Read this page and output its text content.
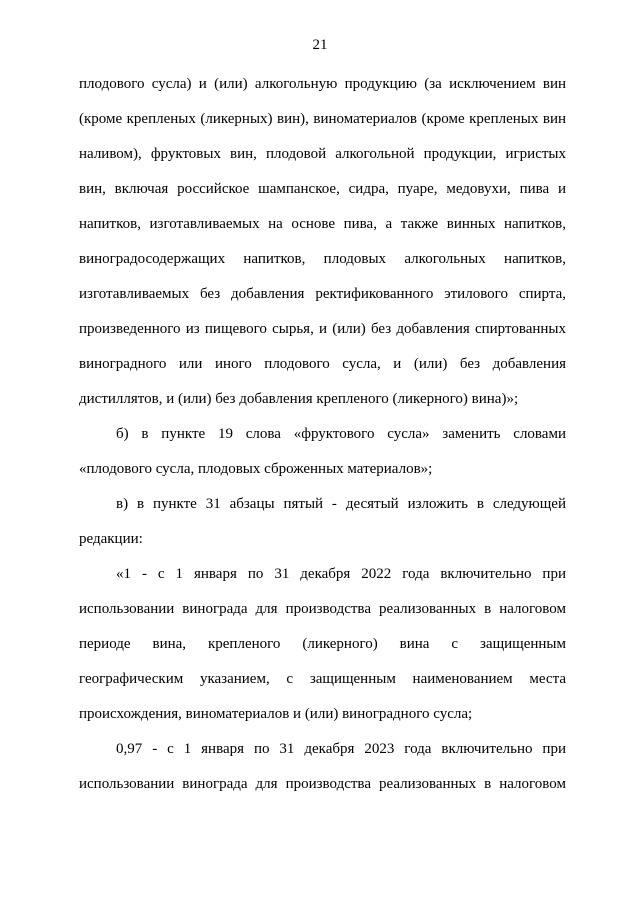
21
плодового сусла) и (или) алкогольную продукцию (за исключением вин
(кроме крепленых (ликерных) вин), виноматериалов (кроме крепленых вин
наливом), фруктовых вин, плодовой алкогольной продукции, игристых
вин, включая российское шампанское, сидра, пуаре, медовухи, пива и
напитков, изготавливаемых на основе пива, а также винных напитков,
виноградосодержащих напитков, плодовых алкогольных напитков,
изготавливаемых без добавления ректификованного этилового спирта,
произведенного из пищевого сырья, и (или) без добавления спиртованных
виноградного или иного плодового сусла, и (или) без добавления
дистиллятов, и (или) без добавления крепленого (ликерного) вина)»;
б) в пункте 19 слова «фруктового сусла» заменить словами
«плодового сусла, плодовых сброженных материалов»;
в) в пункте 31 абзацы пятый - десятый изложить в следующей
редакции:
«1 - с 1 января по 31 декабря 2022 года включительно при
использовании винограда для производства реализованных в налоговом
периоде вина, крепленого (ликерного) вина с защищенным
географическим указанием, с защищенным наименованием места
происхождения, виноматериалов и (или) виноградного сусла;
0,97 - с 1 января по 31 декабря 2023 года включительно при
использовании винограда для производства реализованных в налоговом
